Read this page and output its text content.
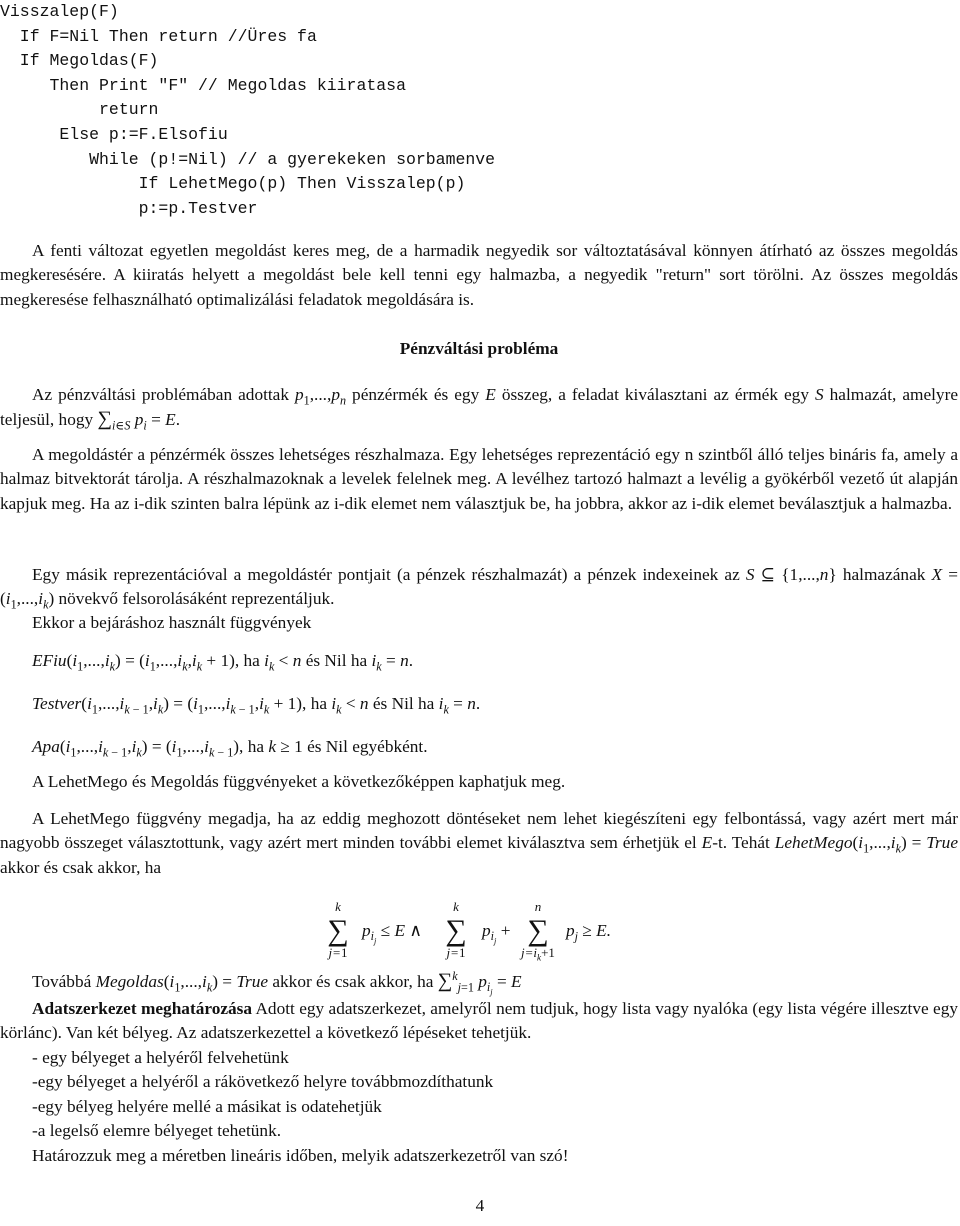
Visszalep(F)
If F=Nil Then return //Üres fa
If Megoldas(F)
Then Print "F" // Megoldas kiiratasa
return
Else p:=F.Elsofiu
While (p!=Nil) // a gyerekeken sorbamenve
If LehetMego(p) Then Visszalep(p)
p:=p.Testver

A fenti változat egyetlen megoldást keres meg, de a harmadik negyedik sor változtatásával könnyen átírható az összes megoldás megkeresésére. A kiiratás helyett a megoldást bele kell tenni egy halmazba, a negyedik "return" sort törölni. Az összes megoldás megkeresése felhasználható optimalizálási feladatok megoldására is.

Pénzváltási probléma

Az pénzváltási problémában adottak $p_1,...,p_n$ pénzérmék és egy E összeg, a feladat kiválasztani az érmék egy S halmazát, amelyre teljesül, hogy $\sum_{i\in S}$ $p_i = E$.

A megoldástér a pénzérmék összes lehetséges részhalmaza. Egy lehetséges reprezentáció egy n szintből álló teljes bináris fa, amely a halmaz bitvektorát tárolja. A részhalmazoknak a levelek felelnek meg. A levélhez tartozó halmazt a levélig a gyökérből vezető út alapján kapjuk meg. Ha az i-dik szinten balra lépünk az i-dik elemet nem választjuk be, ha jobbra, akkor az i-dik elemet beválasztjuk a halmazba.

Egy másik reprezentációval a megoldástér pontjait (a pénzek részhalmazát) a pénzek indexeinek az S ⊆ {1,...,n} halmazának $X = (i_1,...,i_k)$ növekvő felsorolásáként reprezentáljuk.

Ekkor a bejáráshoz használt függvények

$EFiu(i_1,...,i_k) = (i_1,...,i_k,i_k + 1)$, ha $i_k < n$ és Nil ha $i_k = n$.

$Testver(i_1,...,i_{k - 1},i_k) = (i_1,...,i_{k - 1},i_k + 1)$, ha $i_k < n$ és Nil ha $i_k = n$.

$Apa(i_1,...,i_{k - 1},i_k) = (i_1,...,i_{k - 1})$, ha k ≥ 1 és Nil egyébként.

A LehetMego és Megoldás függvényeket a következőképpen kaphatjuk meg.

A LehetMego függvény megadja, ha az eddig meghozott döntéseket nem lehet kiegészíteni egy felbontássá, vagy azért mert már nagyobb összeget választottunk, vagy azért mert minden további elemet kiválasztva sem érhetjük el E-t. Tehát $LehetMego(i_1,...,i_k)$ = True akkor és csak akkor, ha

k
∑
j=1
$p_{i_j} \le E$ ∧
k
∑
j=1
$p_{i_j}$ +
n
∑
$j=i_k+1$
$p_j \ge E$.

Továbbá $Megoldas(i_1,...,i_k)$ = True akkor és csak akkor, ha ∑$^k_{j=1}$ $p_{i_j} = E$

Adatszerkezet meghatározása Adott egy adatszerkezet, amelyről nem tudjuk, hogy lista vagy nyalóka (egy lista végére illesztve egy körlánc). Van két bélyeg. Az adatszerkezettel a következő lépéseket tehetjük.

- egy bélyeget a helyéről felvehetünk

-egy bélyeget a helyéről a rákövetkező helyre továbbmozdíthatunk

-egy bélyeg helyére mellé a másikat is odatehetjük

-a legelső elemre bélyeget tehetünk.

Határozzuk meg a méretben lineáris időben, melyik adatszerkezetről van szó!

4
